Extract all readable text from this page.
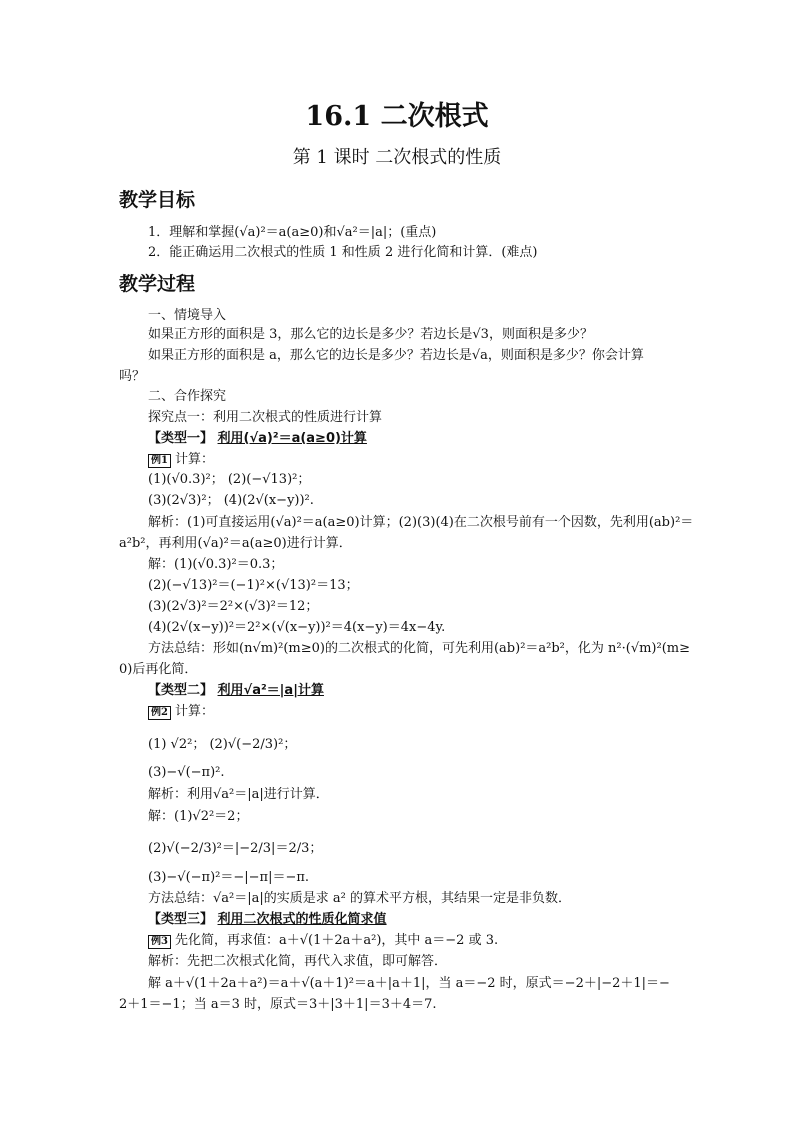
16.1 二次根式
第 1 课时 二次根式的性质
教学目标
1．理解和掌握(√a)²＝a(a≥0)和√a²＝|a|；(重点)
2．能正确运用二次根式的性质 1 和性质 2 进行化简和计算．(难点)
教学过程
一、情境导入
如果正方形的面积是 3，那么它的边长是多少？若边长是√3，则面积是多少？
如果正方形的面积是 a，那么它的边长是多少？若边长是√a，则面积是多少？你会计算
吗？
二、合作探究
探究点一：利用二次根式的性质进行计算
【类型一】 利用(√a)²＝a(a≥0)计算
例1 计算：
(1)(√0.3)²； (2)(−√13)²；
(3)(2√3)²； (4)(2√(x−y))².
解析：(1)可直接运用(√a)²＝a(a≥0)计算；(2)(3)(4)在二次根号前有一个因数，先利用(ab)²＝
a²b²，再利用(√a)²＝a(a≥0)进行计算．
解：(1)(√0.3)²＝0.3；
(2)(−√13)²＝(−1)²×(√13)²＝13；
(3)(2√3)²＝2²×(√3)²＝12；
(4)(2√(x−y))²＝2²×(√(x−y))²＝4(x−y)＝4x−4y.
方法总结：形如(n√m)²(m≥0)的二次根式的化简，可先利用(ab)²＝a²b²，化为 n²·(√m)²(m≥
0)后再化简．
【类型二】 利用√a²＝|a|计算
例2 计算：
(1) √2²； (2)√(−2/3)²；
(3)−√(−π)².
解析：利用√a²＝|a|进行计算．
解：(1)√2²＝2；
(2)√(−2/3)²＝|−2/3|＝2/3；
(3)−√(−π)²＝−|−π|＝−π.
方法总结：√a²＝|a|的实质是求 a² 的算术平方根，其结果一定是非负数．
【类型三】 利用二次根式的性质化简求值
例3 先化简，再求值：a＋√(1＋2a＋a²)，其中 a＝−2 或 3.
解析：先把二次根式化简，再代入求值，即可解答．
解 a＋√(1＋2a＋a²)＝a＋√(a＋1)²＝a＋|a＋1|，当 a＝−2 时，原式＝−2＋|−2＋1|＝−
2＋1＝−1；当 a＝3 时，原式＝3＋|3＋1|＝3＋4＝7.
